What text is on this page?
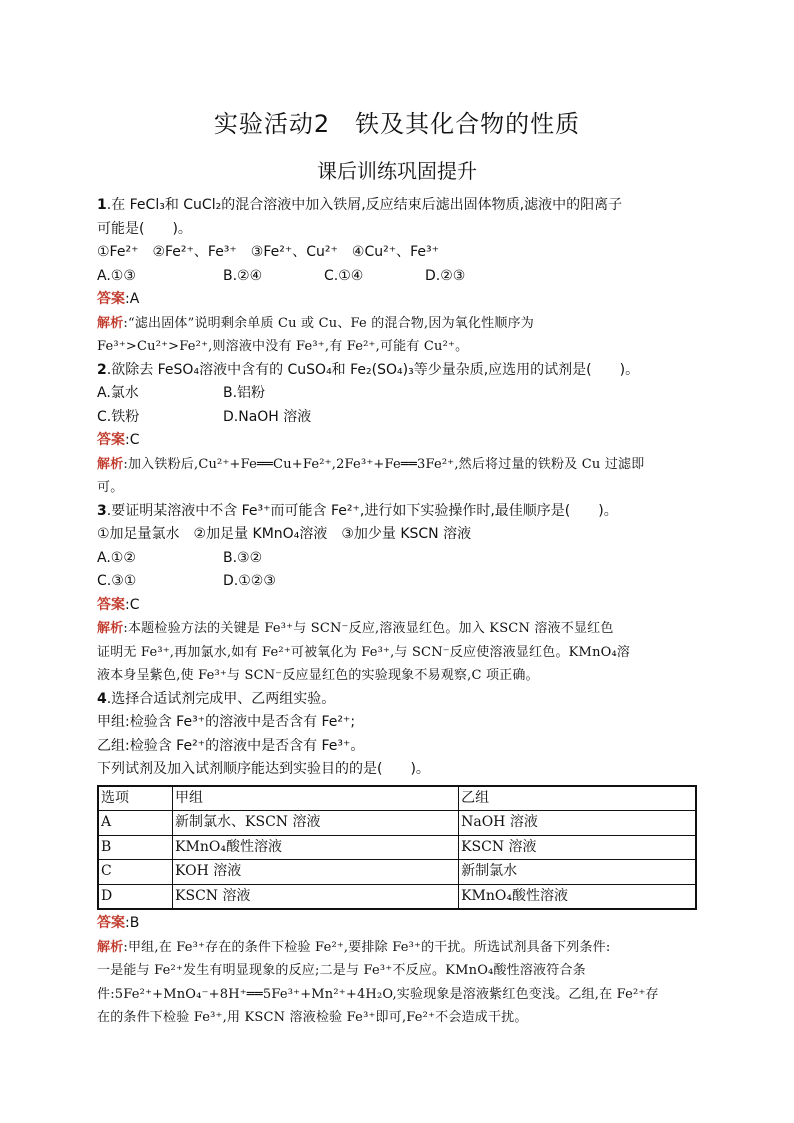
实验活动2　铁及其化合物的性质
课后训练巩固提升
1.在 FeCl₃和 CuCl₂的混合溶液中加入铁屑,反应结束后滤出固体物质,滤液中的阳离子
可能是(　　)。
①Fe²⁺　②Fe²⁺、Fe³⁺　③Fe²⁺、Cu²⁺　④Cu²⁺、Fe³⁺
A.①③	B.②④	C.①④	D.②③
答案:A
解析:“滤出固体”说明剩余单质 Cu 或 Cu、Fe 的混合物,因为氧化性顺序为
Fe³⁺>Cu²⁺>Fe²⁺,则溶液中没有 Fe³⁺,有 Fe²⁺,可能有 Cu²⁺。
2.欲除去 FeSO₄溶液中含有的 CuSO₄和 Fe₂(SO₄)₃等少量杂质,应选用的试剂是(　　)。
A.氯水	B.铝粉
C.铁粉	D.NaOH 溶液
答案:C
解析:加入铁粉后,Cu²⁺+Fe══Cu+Fe²⁺,2Fe³⁺+Fe══3Fe²⁺,然后将过量的铁粉及 Cu 过滤即
可。
3.要证明某溶液中不含 Fe³⁺而可能含 Fe²⁺,进行如下实验操作时,最佳顺序是(　　)。
①加足量氯水　②加足量 KMnO₄溶液　③加少量 KSCN 溶液
A.①②	B.③②
C.③①	D.①②③
答案:C
解析:本题检验方法的关键是 Fe³⁺与 SCN⁻反应,溶液显红色。加入 KSCN 溶液不显红色
证明无 Fe³⁺,再加氯水,如有 Fe²⁺可被氧化为 Fe³⁺,与 SCN⁻反应使溶液显红色。KMnO₄溶
液本身呈紫色,使 Fe³⁺与 SCN⁻反应显红色的实验现象不易观察,C 项正确。
4.选择合适试剂完成甲、乙两组实验。
甲组:检验含 Fe³⁺的溶液中是否含有 Fe²⁺;
乙组:检验含 Fe²⁺的溶液中是否含有 Fe³⁺。
下列试剂及加入试剂顺序能达到实验目的的是(　　)。
选项	甲组	乙组
A	新制氯水、KSCN 溶液	NaOH 溶液
B	KMnO₄酸性溶液	KSCN 溶液
C	KOH 溶液	新制氯水
D	KSCN 溶液	KMnO₄酸性溶液
答案:B
解析:甲组,在 Fe³⁺存在的条件下检验 Fe²⁺,要排除 Fe³⁺的干扰。所选试剂具备下列条件:
一是能与 Fe²⁺发生有明显现象的反应;二是与 Fe³⁺不反应。KMnO₄酸性溶液符合条
件:5Fe²⁺+MnO₄⁻+8H⁺══5Fe³⁺+Mn²⁺+4H₂O,实验现象是溶液紫红色变浅。乙组,在 Fe²⁺存
在的条件下检验 Fe³⁺,用 KSCN 溶液检验 Fe³⁺即可,Fe²⁺不会造成干扰。
